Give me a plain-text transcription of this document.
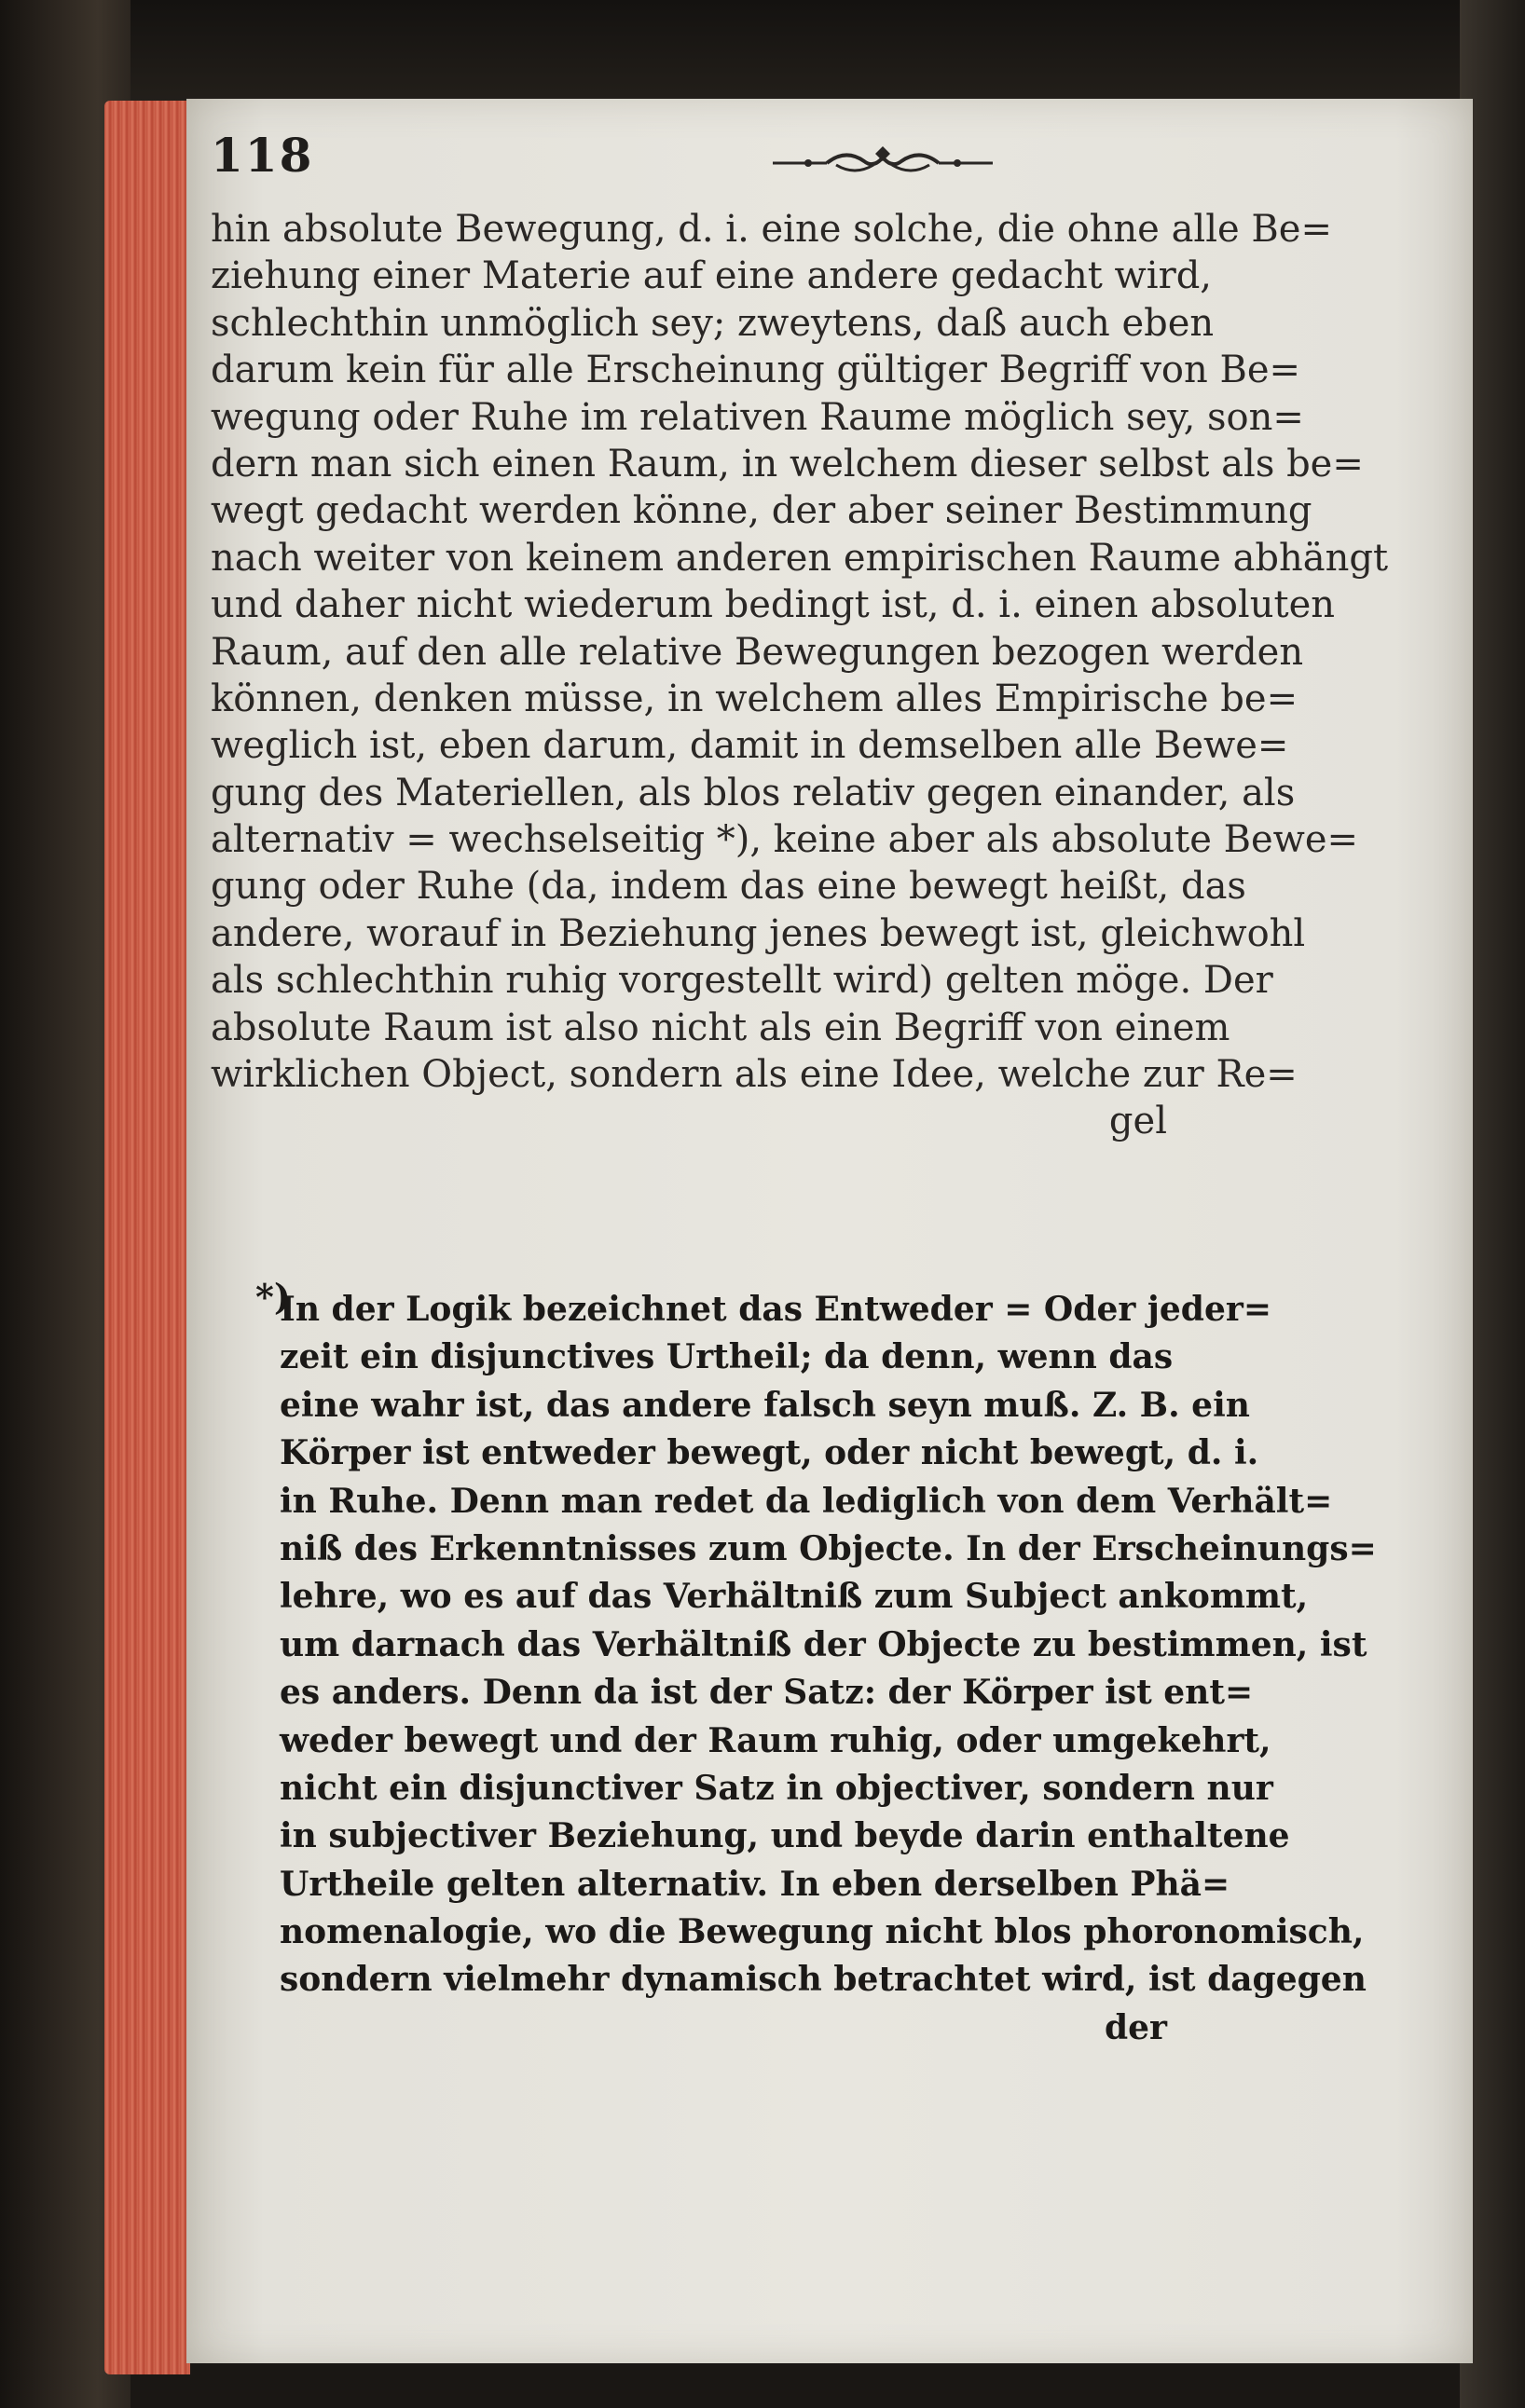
118
hin absolute Bewegung, d. i. eine solche, die ohne alle Be=
ziehung einer Materie auf eine andere gedacht wird,
schlechthin unmöglich sey; zweytens, daß auch eben
darum kein für alle Erscheinung gültiger Begriff von Be=
wegung oder Ruhe im relativen Raume möglich sey, son=
dern man sich einen Raum, in welchem dieser selbst als be=
wegt gedacht werden könne, der aber seiner Bestimmung
nach weiter von keinem anderen empirischen Raume abhängt
und daher nicht wiederum bedingt ist, d. i. einen absoluten
Raum, auf den alle relative Bewegungen bezogen werden
können, denken müsse, in welchem alles Empirische be=
weglich ist, eben darum, damit in demselben alle Bewe=
gung des Materiellen, als blos relativ gegen einander, als
alternativ = wechselseitig *), keine aber als absolute Bewe=
gung oder Ruhe (da, indem das eine bewegt heißt, das
andere, worauf in Beziehung jenes bewegt ist, gleichwohl
als schlechthin ruhig vorgestellt wird) gelten möge. Der
absolute Raum ist also nicht als ein Begriff von einem
wirklichen Object, sondern als eine Idee, welche zur Re=
gel
*)
In der Logik bezeichnet das Entweder = Oder jeder=
zeit ein disjunctives Urtheil; da denn, wenn das
eine wahr ist, das andere falsch seyn muß. Z. B. ein
Körper ist entweder bewegt, oder nicht bewegt, d. i.
in Ruhe. Denn man redet da lediglich von dem Verhält=
niß des Erkenntnisses zum Objecte. In der Erscheinungs=
lehre, wo es auf das Verhältniß zum Subject ankommt,
um darnach das Verhältniß der Objecte zu bestimmen, ist
es anders. Denn da ist der Satz: der Körper ist ent=
weder bewegt und der Raum ruhig, oder umgekehrt,
nicht ein disjunctiver Satz in objectiver, sondern nur
in subjectiver Beziehung, und beyde darin enthaltene
Urtheile gelten alternativ. In eben derselben Phä=
nomenalogie, wo die Bewegung nicht blos phoronomisch,
sondern vielmehr dynamisch betrachtet wird, ist dagegen
der
